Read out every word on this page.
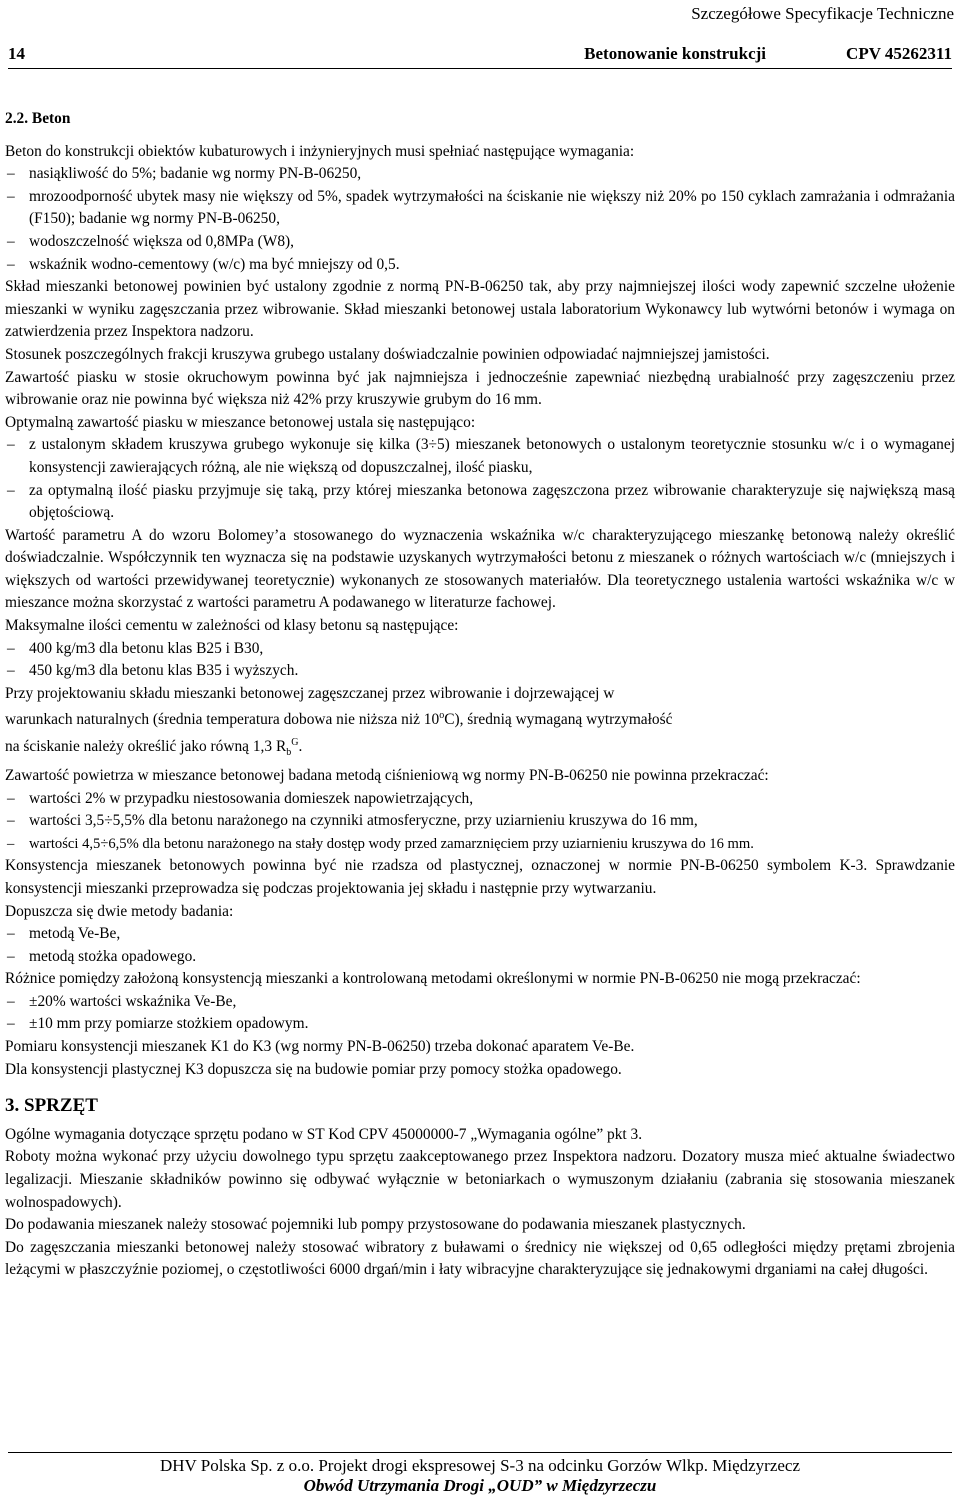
Szczegółowe Specyfikacje Techniczne
14	Betonowanie konstrukcji	CPV 45262311
2.2. Beton

Beton do konstrukcji obiektów kubaturowych i inżynieryjnych musi spełniać następujące wymagania:

– nasiąkliwość do 5%; badanie wg normy PN-B-06250,
– mrozoodporność ubytek masy nie większy od 5%, spadek wytrzymałości na ściskanie nie większy niż 20% po 150 cyklach zamrażania i odmrażania (F150); badanie wg normy PN-B-06250,
– wodoszczelność większa od 0,8MPa (W8),
– wskaźnik wodno-cementowy (w/c) ma być mniejszy od 0,5.

Skład mieszanki betonowej powinien być ustalony zgodnie z normą PN-B-06250 tak, aby przy najmniejszej ilości wody zapewnić szczelne ułożenie mieszanki w wyniku zagęszczania przez wibrowanie. Skład mieszanki betonowej ustala laboratorium Wykonawcy lub wytwórni betonów i wymaga on zatwierdzenia przez Inspektora nadzoru.

Stosunek poszczególnych frakcji kruszywa grubego ustalany doświadczalnie powinien odpowiadać najmniejszej jamistości.

Zawartość piasku w stosie okruchowym powinna być jak najmniejsza i jednocześnie zapewniać niezbędną urabialność przy zagęszczeniu przez wibrowanie oraz nie powinna być większa niż 42% przy kruszywie grubym do 16 mm.

Optymalną zawartość piasku w mieszance betonowej ustala się następująco:

– z ustalonym składem kruszywa grubego wykonuje się kilka (3÷5) mieszanek betonowych o ustalonym teoretycznie stosunku w/c i o wymaganej konsystencji zawierających różną, ale nie większą od dopuszczalnej, ilość piasku,
– za optymalną ilość piasku przyjmuje się taką, przy której mieszanka betonowa zagęszczona przez wibrowanie charakteryzuje się największą masą objętościową.

Wartość parametru A do wzoru Bolomey’a stosowanego do wyznaczenia wskaźnika w/c charakteryzującego mieszankę betonową należy określić doświadczalnie. Współczynnik ten wyznacza się na podstawie uzyskanych wytrzymałości betonu z mieszanek o różnych wartościach w/c (mniejszych i większych od wartości przewidywanej teoretycznie) wykonanych ze stosowanych materiałów. Dla teoretycznego ustalenia wartości wskaźnika w/c w mieszance można skorzystać z wartości parametru A podawanego w literaturze fachowej.

Maksymalne ilości cementu w zależności od klasy betonu są następujące:

– 400 kg/m3 dla betonu klas B25 i B30,
– 450 kg/m3 dla betonu klas B35 i wyższych.

Przy projektowaniu składu mieszanki betonowej zagęszczanej przez wibrowanie i dojrzewającej w

warunkach naturalnych (średnia temperatura dobowa nie niższa niż 10$^o$C), średnią wymaganą wytrzymałość

na ściskanie należy określić jako równą 1,3 $R_b^G$.

Zawartość powietrza w mieszance betonowej badana metodą ciśnieniową wg normy PN-B-06250 nie powinna przekraczać:

– wartości 2% w przypadku niestosowania domieszek napowietrzających,
– wartości 3,5÷5,5% dla betonu narażonego na czynniki atmosferyczne, przy uziarnieniu kruszywa do 16 mm,
– wartości 4,5÷6,5% dla betonu narażonego na stały dostęp wody przed zamarznięciem przy uziarnieniu kruszywa do 16 mm.

Konsystencja mieszanek betonowych powinna być nie rzadsza od plastycznej, oznaczonej w normie PN-B-06250 symbolem K-3. Sprawdzanie konsystencji mieszanki przeprowadza się podczas projektowania jej składu i następnie przy wytwarzaniu.

Dopuszcza się dwie metody badania:

– metodą Ve-Be,
– metodą stożka opadowego.

Różnice pomiędzy założoną konsystencją mieszanki a kontrolowaną metodami określonymi w normie PN-B-06250 nie mogą przekraczać:

– ±20% wartości wskaźnika Ve-Be,
– ±10 mm przy pomiarze stożkiem opadowym.

Pomiaru konsystencji mieszanek K1 do K3 (wg normy PN-B-06250) trzeba dokonać aparatem Ve-Be.

Dla konsystencji plastycznej K3 dopuszcza się na budowie pomiar przy pomocy stożka opadowego.

3. SPRZĘT

Ogólne wymagania dotyczące sprzętu podano w ST Kod CPV 45000000-7 „Wymagania ogólne” pkt 3.

Roboty można wykonać przy użyciu dowolnego typu sprzętu zaakceptowanego przez Inspektora nadzoru. Dozatory musza mieć aktualne świadectwo legalizacji. Mieszanie składników powinno się odbywać wyłącznie w betoniarkach o wymuszonym działaniu (zabrania się stosowania mieszanek wolnospadowych).

Do podawania mieszanek należy stosować pojemniki lub pompy przystosowane do podawania mieszanek plastycznych.

Do zagęszczania mieszanki betonowej należy stosować wibratory z buławami o średnicy nie większej od 0,65 odległości między prętami zbrojenia leżącymi w płaszczyźnie poziomej, o częstotliwości 6000 drgań/min i łaty wibracyjne charakteryzujące się jednakowymi drganiami na całej długości.

DHV Polska Sp. z o.o. Projekt drogi ekspresowej S-3 na odcinku Gorzów Wlkp. Międzyrzecz
Obwód Utrzymania Drogi „OUD” w Międzyrzeczu
